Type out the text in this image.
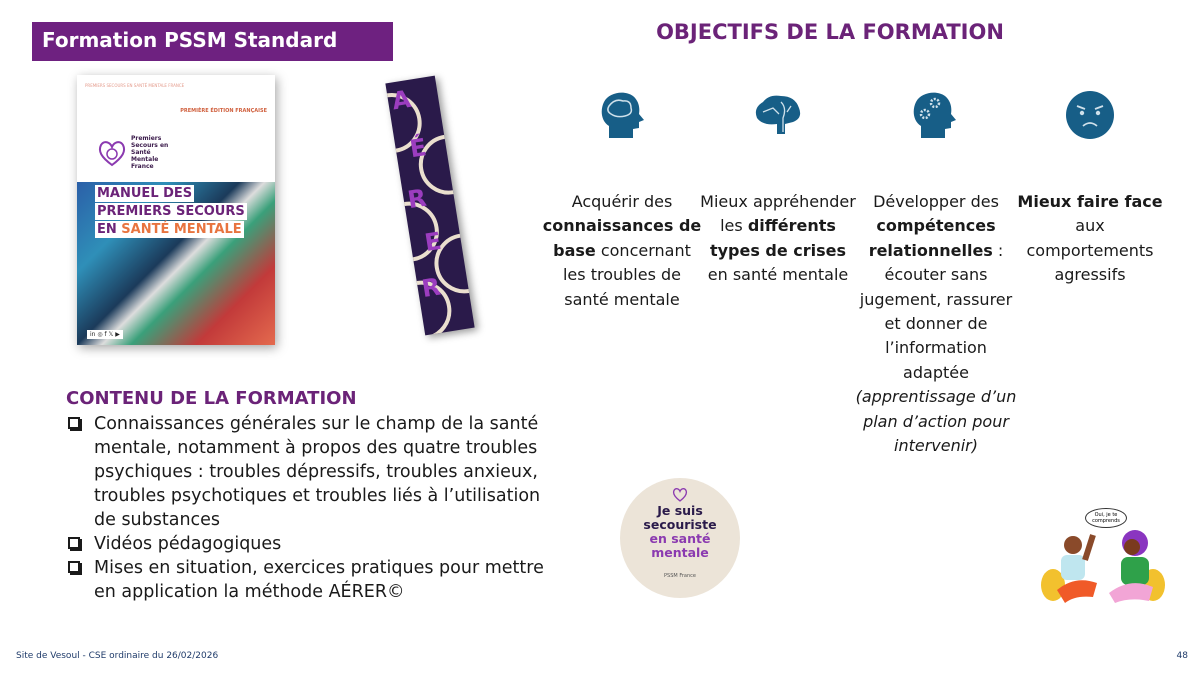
Formation PSSM Standard	OBJECTIFS DE LA FORMATION
PREMIERS SECOURS EN SANTÉ MENTALE FRANCE
PREMIÈRE ÉDITION FRANÇAISE
Premiers Secours en Santé Mentale France
MANUEL DES
PREMIERS SECOURS
EN SANTÉ MENTALE
in ◎ f 𝕏 ▶
A
É
R
E
R
Acquérir des connaissances de base concernant les troubles de santé mentale
Mieux appréhender les différents types de crises en santé mentale
Développer des compétences relationnelles : écouter sans jugement, rassurer et donner de l’information adaptée (apprentissage d’un plan d’action pour intervenir)
Mieux faire face aux comportements agressifs
CONTENU DE LA FORMATION
Connaissances générales sur le champ de la santé mentale, notamment à propos des quatre troubles psychiques : troubles dépressifs, troubles anxieux, troubles psychotiques et troubles liés à l’utilisation de substances
Vidéos pédagogiques
Mises en situation, exercices pratiques pour mettre en application la méthode AÉRER©
Je suis
secouriste
en santé
mentale
PSSM France
Oui, je te comprends
Site de Vesoul - CSE ordinaire du 26/02/2026	48
